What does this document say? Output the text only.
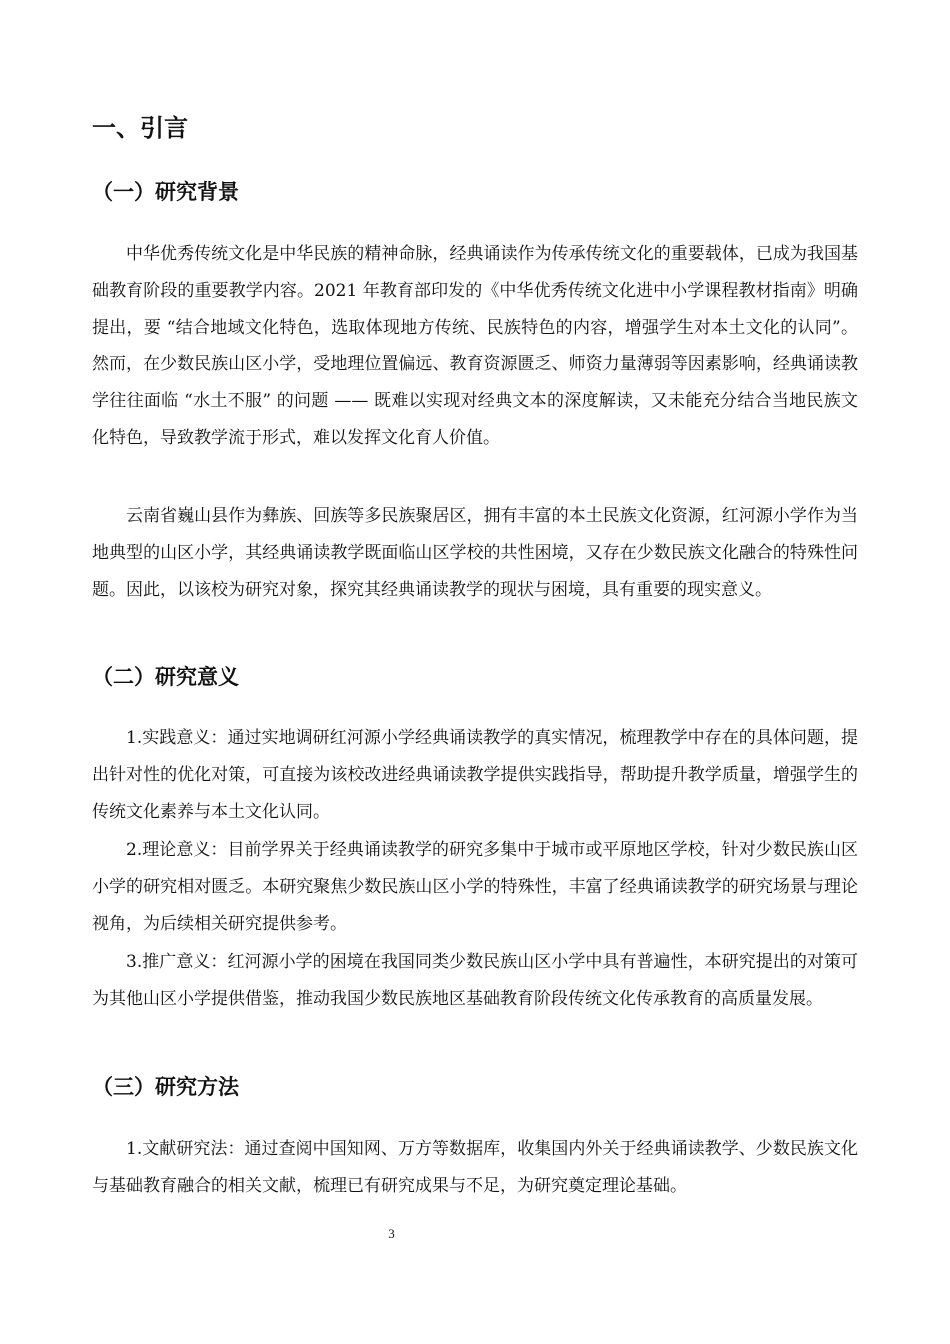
一、引言
（一）研究背景

中华优秀传统文化是中华民族的精神命脉，经典诵读作为传承传统文化的重要载体，已成为我国基础教育阶段的重要教学内容。2021 年教育部印发的《中华优秀传统文化进中小学课程教材指南》明确提出，要 “结合地域文化特色，选取体现地方传统、民族特色的内容，增强学生对本土文化的认同”。然而，在少数民族山区小学，受地理位置偏远、教育资源匮乏、师资力量薄弱等因素影响，经典诵读教学往往面临 “水土不服” 的问题 —— 既难以实现对经典文本的深度解读，又未能充分结合当地民族文化特色，导致教学流于形式，难以发挥文化育人价值。

云南省巍山县作为彝族、回族等多民族聚居区，拥有丰富的本土民族文化资源，红河源小学作为当地典型的山区小学，其经典诵读教学既面临山区学校的共性困境，又存在少数民族文化融合的特殊性问题。因此，以该校为研究对象，探究其经典诵读教学的现状与困境，具有重要的现实意义。

（二）研究意义

1.实践意义：通过实地调研红河源小学经典诵读教学的真实情况，梳理教学中存在的具体问题，提出针对性的优化对策，可直接为该校改进经典诵读教学提供实践指导，帮助提升教学质量，增强学生的传统文化素养与本土文化认同。

2.理论意义：目前学界关于经典诵读教学的研究多集中于城市或平原地区学校，针对少数民族山区小学的研究相对匮乏。本研究聚焦少数民族山区小学的特殊性，丰富了经典诵读教学的研究场景与理论视角，为后续相关研究提供参考。

3.推广意义：红河源小学的困境在我国同类少数民族山区小学中具有普遍性，本研究提出的对策可为其他山区小学提供借鉴，推动我国少数民族地区基础教育阶段传统文化传承教育的高质量发展。

（三）研究方法

1.文献研究法：通过查阅中国知网、万方等数据库，收集国内外关于经典诵读教学、少数民族文化与基础教育融合的相关文献，梳理已有研究成果与不足，为研究奠定理论基础。

3
